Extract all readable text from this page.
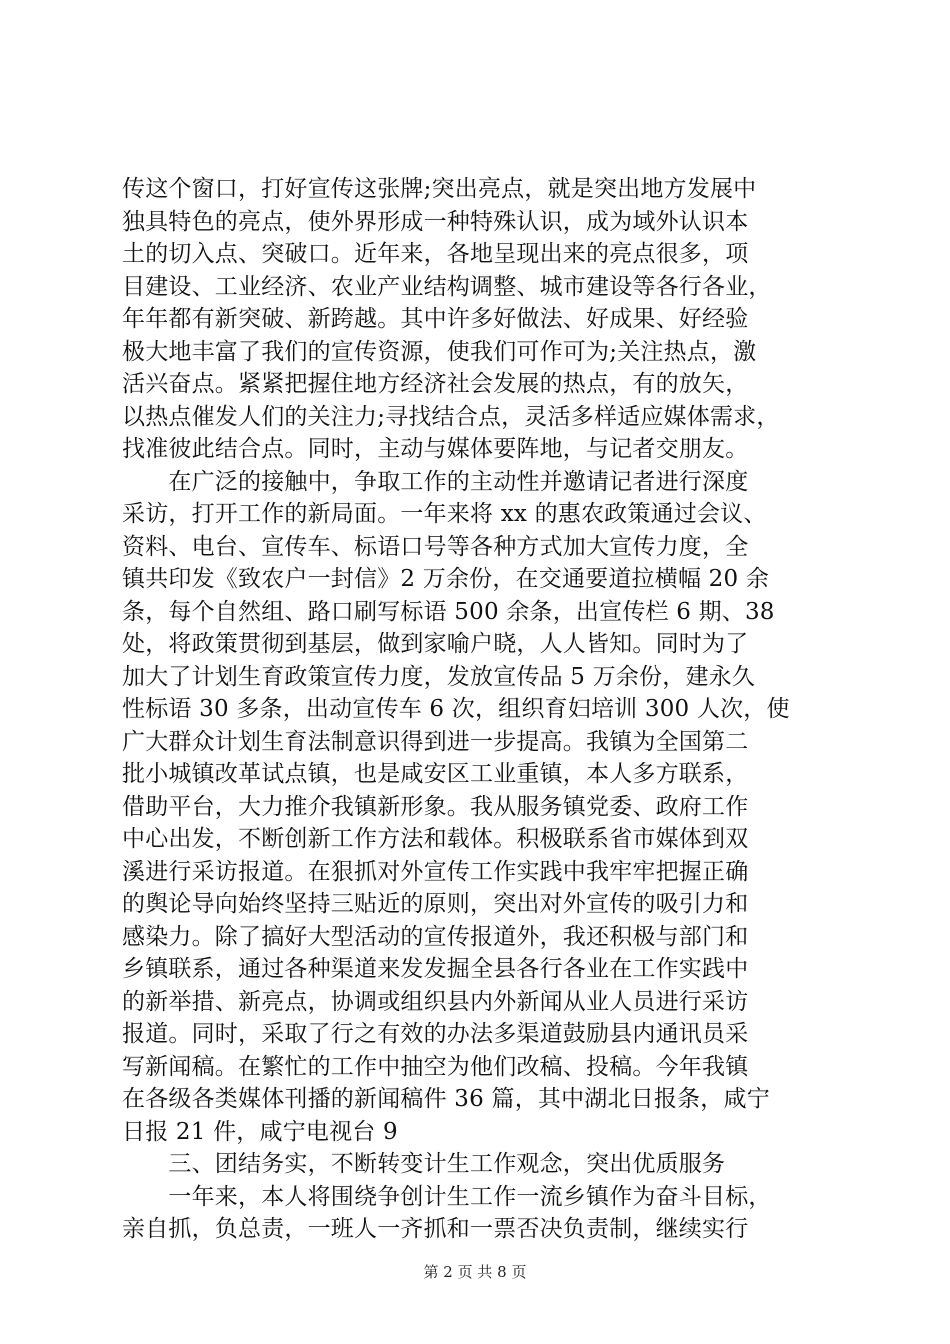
传这个窗口，打好宣传这张牌;突出亮点，就是突出地方发展中
独具特色的亮点，使外界形成一种特殊认识，成为域外认识本
土的切入点、突破口。近年来，各地呈现出来的亮点很多，项
目建设、工业经济、农业产业结构调整、城市建设等各行各业，
年年都有新突破、新跨越。其中许多好做法、好成果、好经验
极大地丰富了我们的宣传资源，使我们可作可为;关注热点，激
活兴奋点。紧紧把握住地方经济社会发展的热点，有的放矢，
以热点催发人们的关注力;寻找结合点，灵活多样适应媒体需求，
找准彼此结合点。同时，主动与媒体要阵地，与记者交朋友。
　　在广泛的接触中，争取工作的主动性并邀请记者进行深度
采访，打开工作的新局面。一年来将 xx 的惠农政策通过会议、
资料、电台、宣传车、标语口号等各种方式加大宣传力度，全
镇共印发《致农户一封信》2 万余份，在交通要道拉横幅 20 余
条，每个自然组、路口刷写标语 500 余条，出宣传栏 6 期、38
处，将政策贯彻到基层，做到家喻户晓，人人皆知。同时为了
加大了计划生育政策宣传力度，发放宣传品 5 万余份，建永久
性标语 30 多条，出动宣传车 6 次，组织育妇培训 300 人次，使
广大群众计划生育法制意识得到进一步提高。我镇为全国第二
批小城镇改革试点镇，也是咸安区工业重镇，本人多方联系，
借助平台，大力推介我镇新形象。我从服务镇党委、政府工作
中心出发，不断创新工作方法和载体。积极联系省市媒体到双
溪进行采访报道。在狠抓对外宣传工作实践中我牢牢把握正确
的舆论导向始终坚持三贴近的原则，突出对外宣传的吸引力和
感染力。除了搞好大型活动的宣传报道外，我还积极与部门和
乡镇联系，通过各种渠道来发发掘全县各行各业在工作实践中
的新举措、新亮点，协调或组织县内外新闻从业人员进行采访
报道。同时，采取了行之有效的办法多渠道鼓励县内通讯员采
写新闻稿。在繁忙的工作中抽空为他们改稿、投稿。今年我镇
在各级各类媒体刊播的新闻稿件 36 篇，其中湖北日报条，咸宁
日报 21 件，咸宁电视台 9
　　三、团结务实，不断转变计生工作观念，突出优质服务
　　一年来，本人将围绕争创计生工作一流乡镇作为奋斗目标，
亲自抓，负总责，一班人一齐抓和一票否决负责制，继续实行
第 2 页 共 8 页
